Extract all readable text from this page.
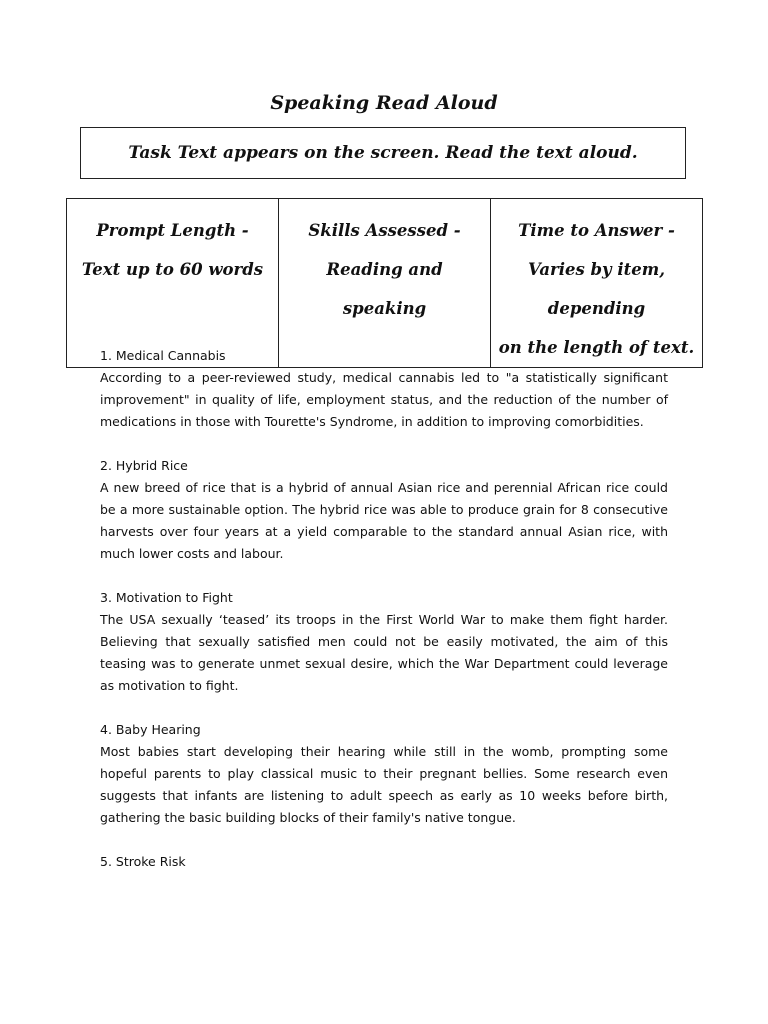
Speaking Read Aloud
Task Text appears on the screen. Read the text aloud.
Prompt Length -
Text up to 60 words

Skills Assessed -
Reading and speaking

Time to Answer -
Varies by item, depending
on the length of text.

1. Medical Cannabis

According to a peer-reviewed study, medical cannabis led to "a statistically significant improvement" in quality of life, employment status, and the reduction of the number of medications in those with Tourette's Syndrome, in addition to improving comorbidities.

2. Hybrid Rice

A new breed of rice that is a hybrid of annual Asian rice and perennial African rice could be a more sustainable option. The hybrid rice was able to produce grain for 8 consecutive harvests over four years at a yield comparable to the standard annual Asian rice, with much lower costs and labour.

3. Motivation to Fight

The USA sexually ‘teased’ its troops in the First World War to make them fight harder. Believing that sexually satisfied men could not be easily motivated, the aim of this teasing was to generate unmet sexual desire, which the War Department could leverage as motivation to fight.

4. Baby Hearing

Most babies start developing their hearing while still in the womb, prompting some hopeful parents to play classical music to their pregnant bellies. Some research even suggests that infants are listening to adult speech as early as 10 weeks before birth, gathering the basic building blocks of their family's native tongue.

5. Stroke Risk
